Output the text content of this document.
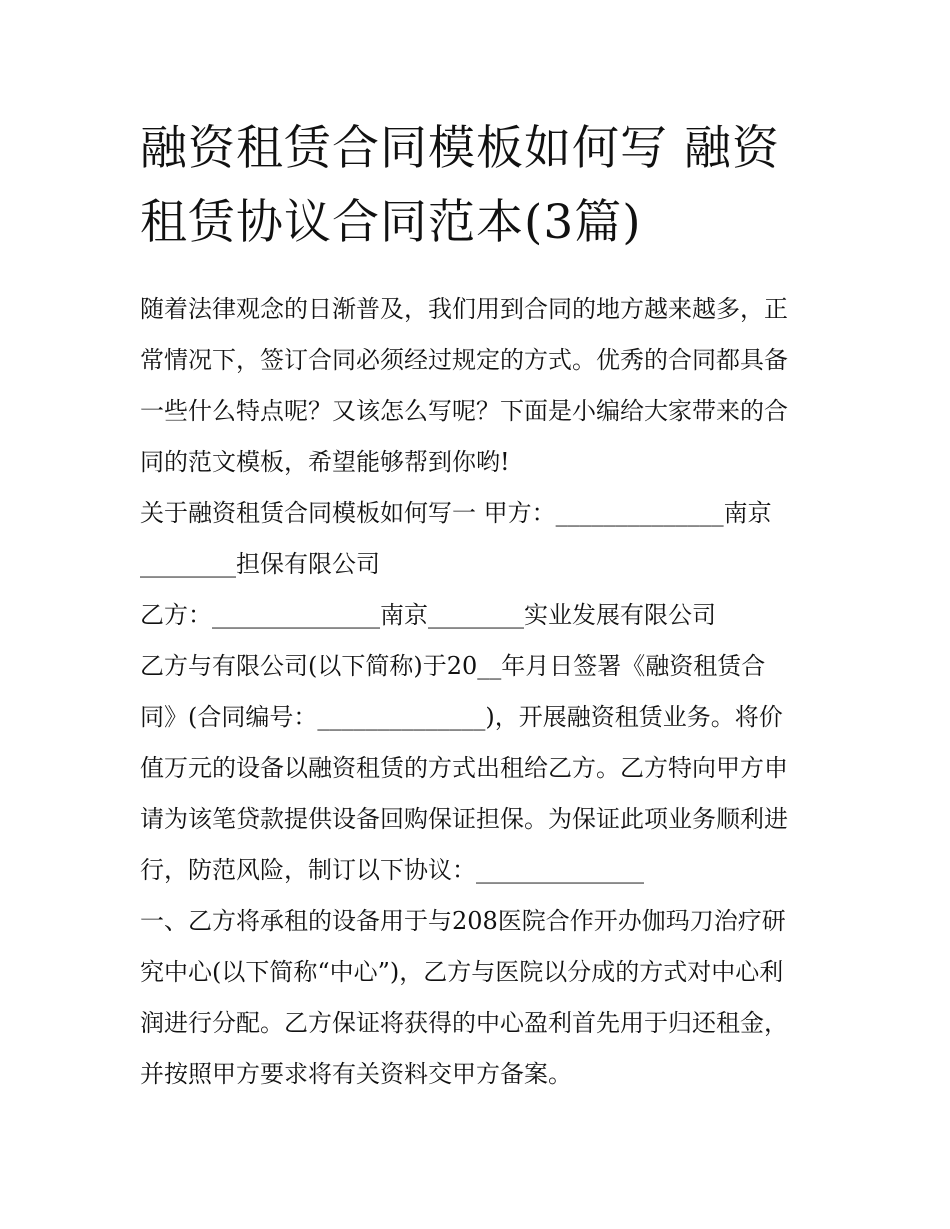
融资租赁合同模板如何写 融资
租赁协议合同范本(3篇)

随着法律观念的日渐普及，我们用到合同的地方越来越多，正
常情况下，签订合同必须经过规定的方式。优秀的合同都具备
一些什么特点呢？又该怎么写呢？下面是小编给大家带来的合
同的范文模板，希望能够帮到你哟!

关于融资租赁合同模板如何写一 甲方：______________南京
________担保有限公司

乙方：______________南京________实业发展有限公司

乙方与有限公司(以下简称)于20__年月日签署《融资租赁合
同》(合同编号：______________)，开展融资租赁业务。将价
值万元的设备以融资租赁的方式出租给乙方。乙方特向甲方申
请为该笔贷款提供设备回购保证担保。为保证此项业务顺利进
行，防范风险，制订以下协议：______________

一、乙方将承租的设备用于与208医院合作开办伽玛刀治疗研
究中心(以下简称“中心”)，乙方与医院以分成的方式对中心利
润进行分配。乙方保证将获得的中心盈利首先用于归还租金，
并按照甲方要求将有关资料交甲方备案。
